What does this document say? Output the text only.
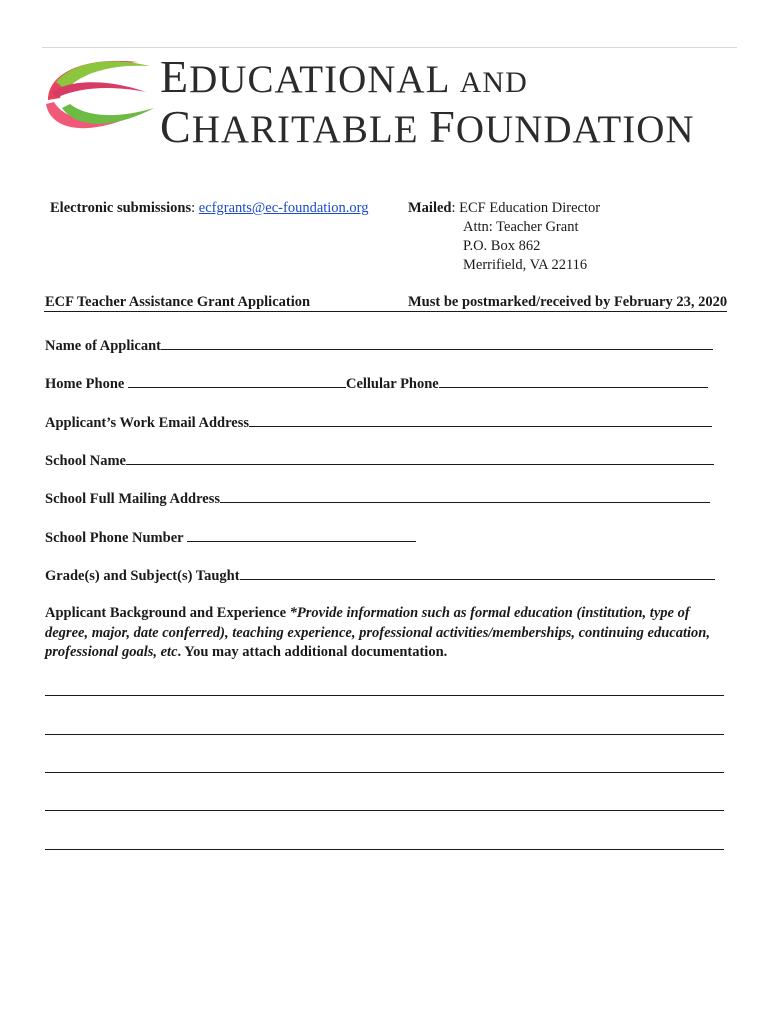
EDUCATIONAL AND
CHARITABLE FOUNDATION
Electronic submissions: ecfgrants@ec-foundation.org	Mailed: ECF Education Director
Attn: Teacher Grant
P.O. Box 862
Merrifield, VA 22116
ECF Teacher Assistance Grant Application	Must be postmarked/received by February 23, 2020
Name of Applicant
Home Phone	Cellular Phone
Applicant’s Work Email Address
School Name
School Full Mailing Address
School Phone Number
Grade(s) and Subject(s) Taught
Applicant Background and Experience *Provide information such as formal education (institution, type of degree, major, date conferred), teaching experience, professional activities/memberships, continuing education, professional goals, etc. You may attach additional documentation.
